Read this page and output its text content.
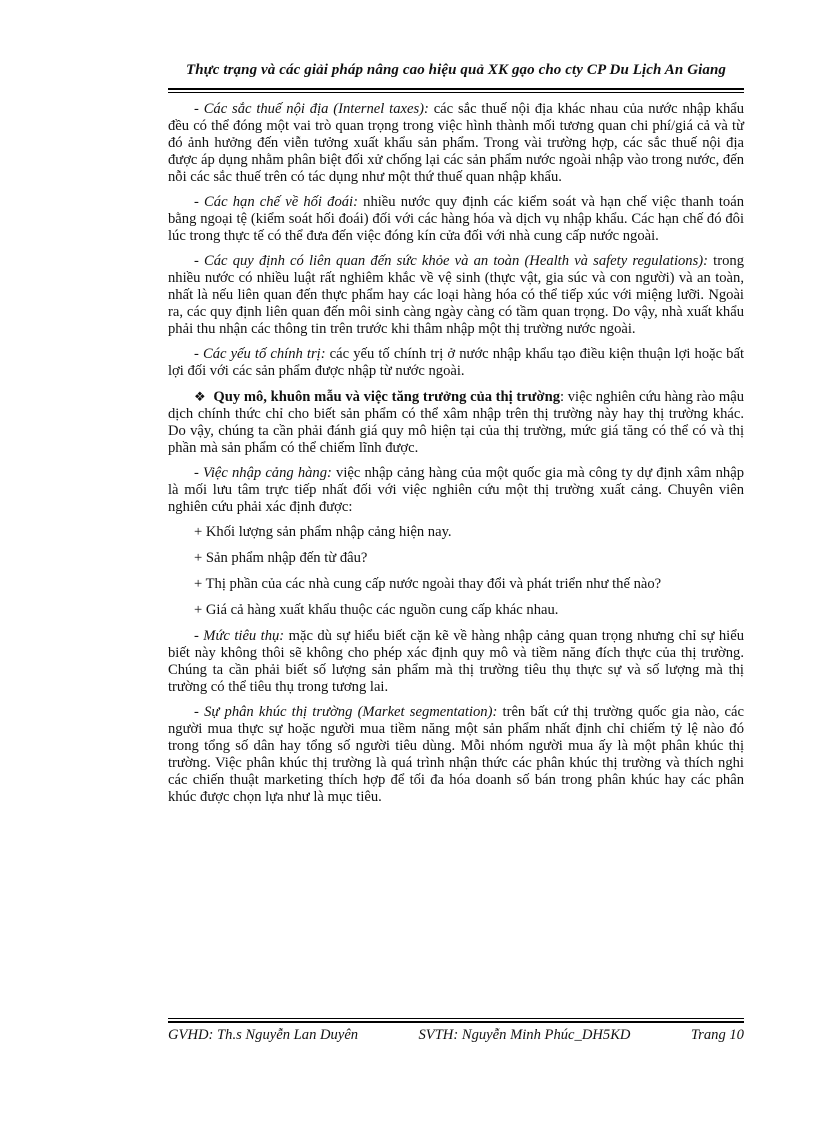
Thực trạng và các giải pháp nâng cao hiệu quả XK gạo cho cty CP Du Lịch An Giang

- Các sắc thuế nội địa (Internel taxes): các sắc thuế nội địa khác nhau của nước nhập khẩu đều có thể đóng một vai trò quan trọng trong việc hình thành mối tương quan chi phí/giá cả và từ đó ảnh hưởng đến viễn tưởng xuất khẩu sản phẩm. Trong vài trường hợp, các sắc thuế nội địa được áp dụng nhằm phân biệt đối xử chống lại các sản phẩm nước ngoài nhập vào trong nước, đến nỗi các sắc thuế trên có tác dụng như một thứ thuế quan nhập khẩu.

- Các hạn chế về hối đoái: nhiều nước quy định các kiểm soát và hạn chế việc thanh toán bằng ngoại tệ (kiểm soát hối đoái) đối với các hàng hóa và dịch vụ nhập khẩu. Các hạn chế đó đôi lúc trong thực tế có thể đưa đến việc đóng kín cửa đối với nhà cung cấp nước ngoài.

- Các quy định có liên quan đến sức khỏe và an toàn (Health và safety regulations): trong nhiều nước có nhiều luật rất nghiêm khắc về vệ sinh (thực vật, gia súc và con người) và an toàn, nhất là nếu liên quan đến thực phẩm hay các loại hàng hóa có thể tiếp xúc với miệng lưỡi. Ngoài ra, các quy định liên quan đến môi sinh càng ngày càng có tầm quan trọng. Do vậy, nhà xuất khẩu phải thu nhận các thông tin trên trước khi thâm nhập một thị trường nước ngoài.

- Các yếu tố chính trị: các yếu tố chính trị ở nước nhập khẩu tạo điều kiện thuận lợi hoặc bất lợi đối với các sản phẩm được nhập từ nước ngoài.

❖ Quy mô, khuôn mẫu và việc tăng trưởng của thị trường: việc nghiên cứu hàng rào mậu dịch chính thức chỉ cho biết sản phẩm có thể xâm nhập trên thị trường này hay thị trường khác. Do vậy, chúng ta cần phải đánh giá quy mô hiện tại của thị trường, mức giá tăng có thể có và thị phần mà sản phẩm có thể chiếm lĩnh được.

- Việc nhập cảng hàng: việc nhập cảng hàng của một quốc gia mà công ty dự định xâm nhập là mối lưu tâm trực tiếp nhất đối với việc nghiên cứu một thị trường xuất cảng. Chuyên viên nghiên cứu phải xác định được:

+ Khối lượng sản phẩm nhập cảng hiện nay.

+ Sản phẩm nhập đến từ đâu?

+ Thị phần của các nhà cung cấp nước ngoài thay đổi và phát triển như thế nào?

+ Giá cả hàng xuất khẩu thuộc các nguồn cung cấp khác nhau.

- Mức tiêu thụ: mặc dù sự hiểu biết cặn kẽ về hàng nhập cảng quan trọng nhưng chỉ sự hiểu biết này không thôi sẽ không cho phép xác định quy mô và tiềm năng đích thực của thị trường. Chúng ta cần phải biết số lượng sản phẩm mà thị trường tiêu thụ thực sự và số lượng mà thị trường có thể tiêu thụ trong tương lai.

- Sự phân khúc thị trường (Market segmentation): trên bất cứ thị trường quốc gia nào, các người mua thực sự hoặc người mua tiềm năng một sản phẩm nhất định chỉ chiếm tỷ lệ nào đó trong tổng số dân hay tổng số người tiêu dùng. Mỗi nhóm người mua ấy là một phân khúc thị trường. Việc phân khúc thị trường là quá trình nhận thức các phân khúc thị trường và thích nghi các chiến thuật marketing thích hợp để tối đa hóa doanh số bán trong phân khúc hay các phân khúc được chọn lựa như là mục tiêu.

GVHD: Th.s Nguyễn Lan Duyên	SVTH: Nguyễn Minh Phúc_DH5KD	Trang 10
